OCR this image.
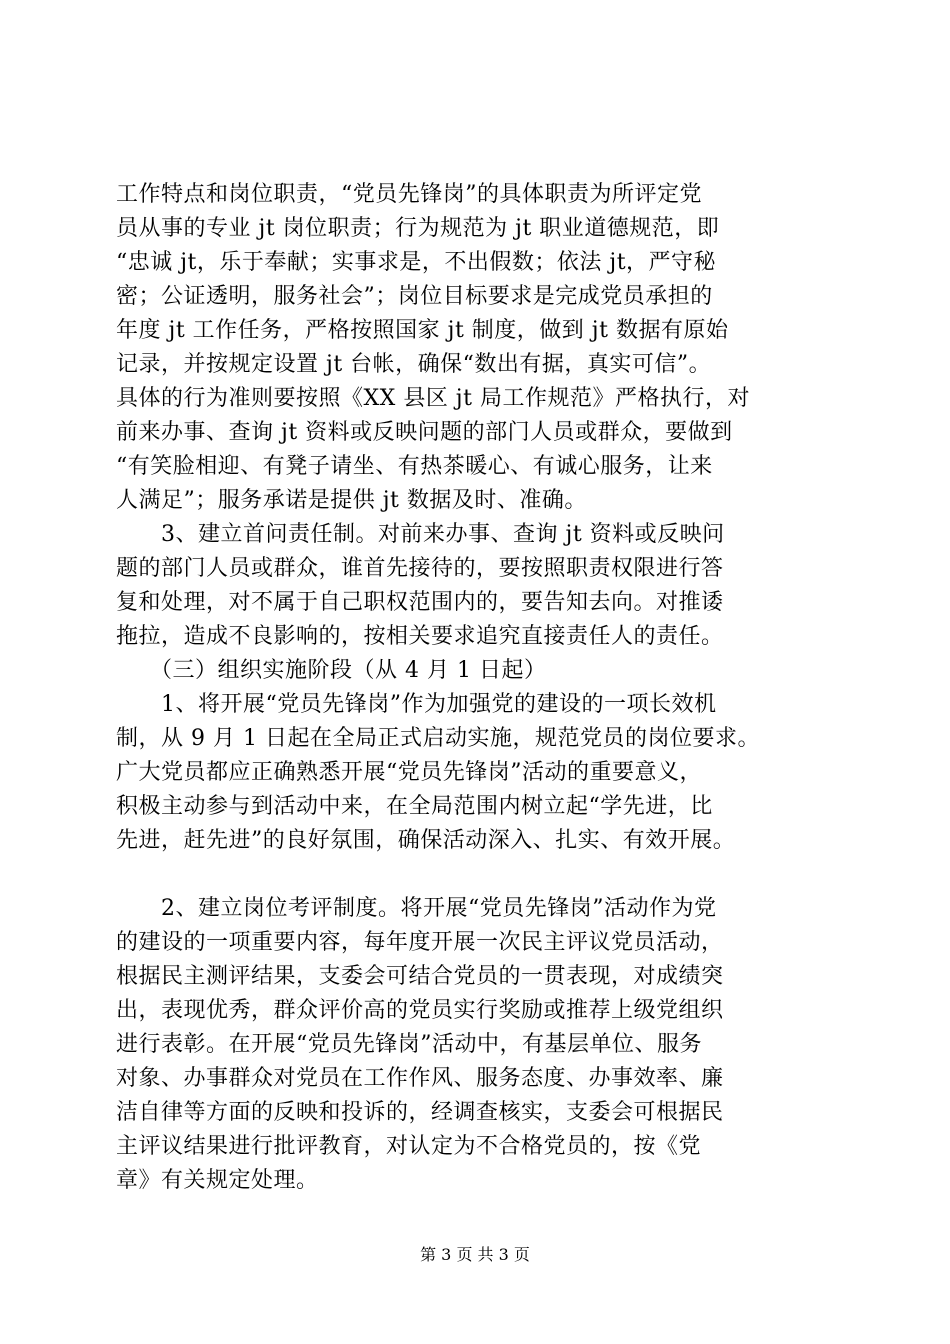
工作特点和岗位职责，“党员先锋岗”的具体职责为所评定党
员从事的专业 jt 岗位职责；行为规范为 jt 职业道德规范，即
“忠诚 jt，乐于奉献；实事求是，不出假数；依法 jt，严守秘
密；公证透明，服务社会”；岗位目标要求是完成党员承担的
年度 jt 工作任务，严格按照国家 jt 制度，做到 jt 数据有原始
记录，并按规定设置 jt 台帐，确保“数出有据，真实可信”。
具体的行为准则要按照《XX 县区 jt 局工作规范》严格执行，对
前来办事、查询 jt 资料或反映问题的部门人员或群众，要做到
“有笑脸相迎、有凳子请坐、有热茶暖心、有诚心服务，让来
人满足”；服务承诺是提供 jt 数据及时、准确。
　　3、建立首问责任制。对前来办事、查询 jt 资料或反映问
题的部门人员或群众，谁首先接待的，要按照职责权限进行答
复和处理，对不属于自己职权范围内的，要告知去向。对推诿
拖拉，造成不良影响的，按相关要求追究直接责任人的责任。
　　（三）组织实施阶段（从 4 月 1 日起）
　　1、将开展“党员先锋岗”作为加强党的建设的一项长效机
制，从 9 月 1 日起在全局正式启动实施，规范党员的岗位要求。
广大党员都应正确熟悉开展“党员先锋岗”活动的重要意义，
积极主动参与到活动中来，在全局范围内树立起“学先进，比
先进，赶先进”的良好氛围，确保活动深入、扎实、有效开展。
　　2、建立岗位考评制度。将开展“党员先锋岗”活动作为党
的建设的一项重要内容，每年度开展一次民主评议党员活动，
根据民主测评结果，支委会可结合党员的一贯表现，对成绩突
出，表现优秀，群众评价高的党员实行奖励或推荐上级党组织
进行表彰。在开展“党员先锋岗”活动中，有基层单位、服务
对象、办事群众对党员在工作作风、服务态度、办事效率、廉
洁自律等方面的反映和投诉的，经调查核实，支委会可根据民
主评议结果进行批评教育，对认定为不合格党员的，按《党
章》有关规定处理。
第 3 页 共 3 页
